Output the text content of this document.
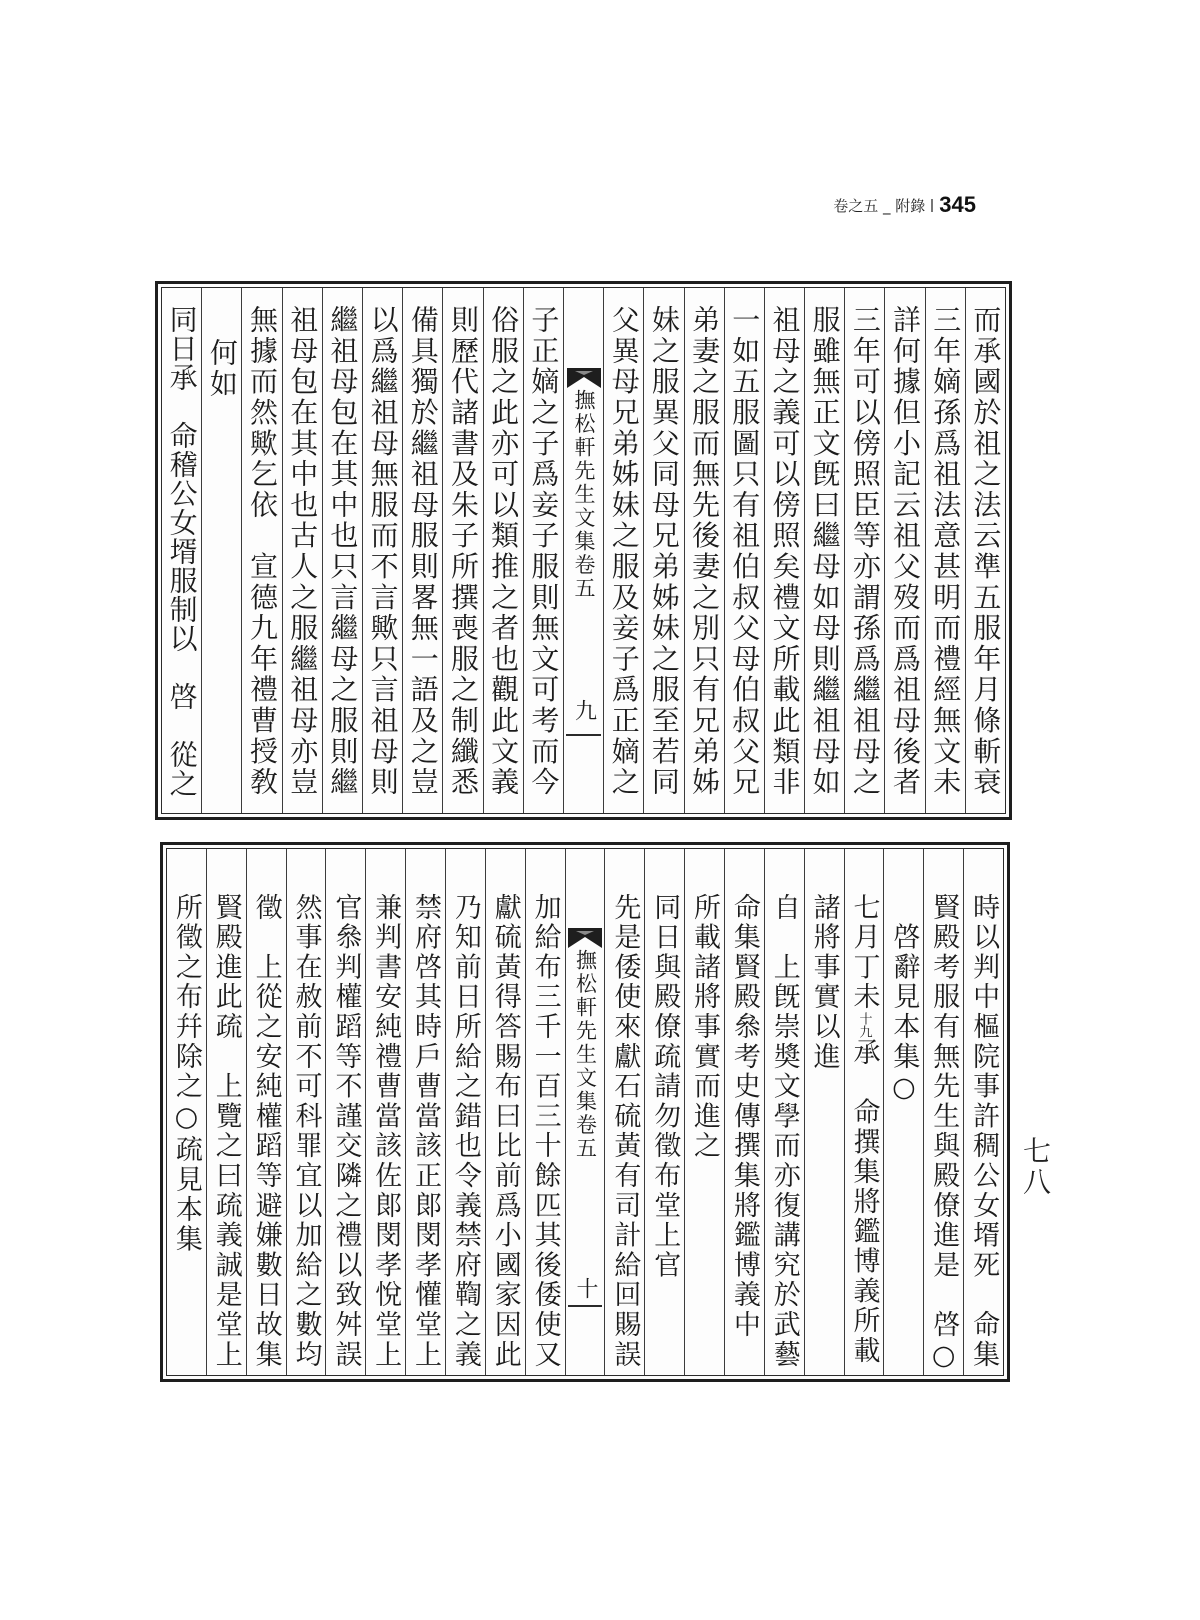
卷之五 _ 附錄 345
七八
而承國於祖之法云準五服年月條斬衰
三年嫡孫爲祖法意甚明而禮經無文未
詳何據但小記云祖父歿而爲祖母後者
三年可以傍照臣等亦謂孫爲繼祖母之
服雖無正文旣曰繼母如母則繼祖母如
祖母之義可以傍照矣禮文所載此類非
一如五服圖只有祖伯叔父母伯叔父兄
弟妻之服而無先後妻之別只有兄弟姊
妹之服異父同母兄弟姊妹之服至若同
父異母兄弟姊妹之服及妾子爲正嫡之
撫松軒先生文集卷五
九
子正嫡之子爲妾子服則無文可考而今
俗服之此亦可以類推之者也觀此文義
則歷代諸書及朱子所撰喪服之制纖悉
備具獨於繼祖母服則畧無一語及之豈
以爲繼祖母無服而不言歟只言祖母則
繼祖母包在其中也只言繼母之服則繼
祖母包在其中也古人之服繼祖母亦豈
無據而然歟乞依　宣德九年禮曹授敎
何如
同日承　命稽公女壻服制以　啓　從之
時以判中樞院事許稠公女壻死　命集
賢殿考服有無先生與殿僚進是　啓○
　啓辭見本集○
七月丁未十九承　命撰集將鑑博義所載
諸將事實以進
自　上旣崇奬文學而亦復講究於武藝
命集賢殿叅考史傳撰集將鑑博義中
所載諸將事實而進之
同日與殿僚疏請勿徵布堂上官
先是倭使來獻石硫黃有司計給回賜誤
撫松軒先生文集卷五
十
加給布三千一百三十餘匹其後倭使又
獻硫黃得答賜布曰比前爲小國家因此
乃知前日所給之錯也令義禁府鞫之義
禁府啓其時戶曹當該正郞閔孝懽堂上
兼判書安純禮曹當該佐郞閔孝悅堂上
官叅判權蹈等不謹交隣之禮以致舛誤
然事在赦前不可科罪宜以加給之數均
徵　上從之安純權蹈等避嫌數日故集
賢殿進此疏　上覽之曰疏義誠是堂上
所徵之布幷除之○疏見本集
